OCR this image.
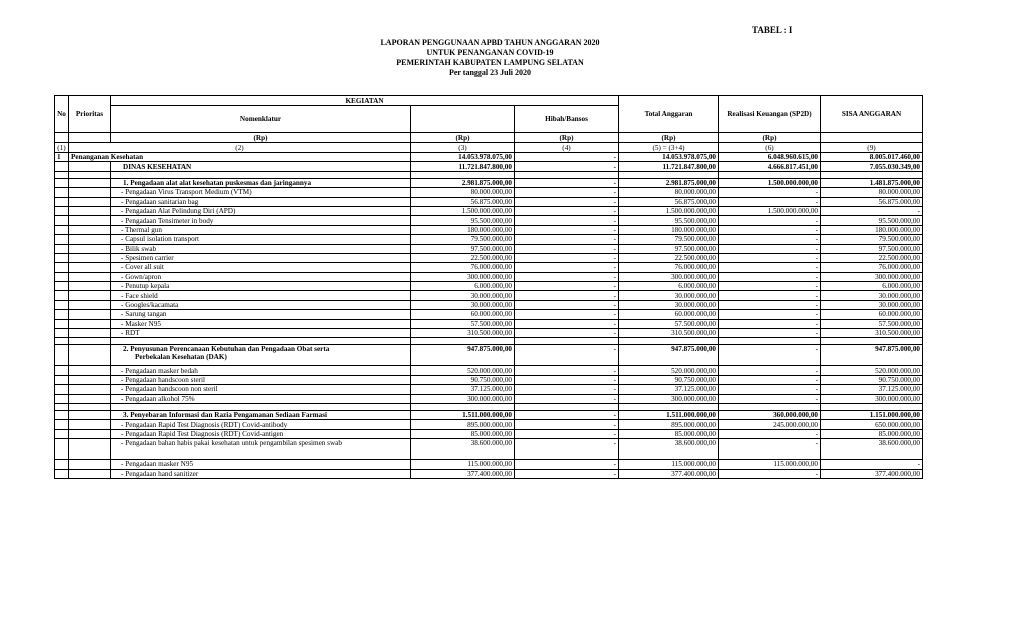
TABEL : I
LAPORAN PENGGUNAAN APBD TAHUN ANGGARAN 2020
UNTUK PENANGANAN COVID-19
PEMERINTAH KABUPATEN LAMPUNG SELATAN
Per tanggal 23 Juli 2020
No	Prioritas	KEGIATAN			Total Anggaran	Realisasi Keuangan (SP2D)	SISA ANGGARAN
		Nomenklatur		Hibah/Bansos			
		(Rp)	(Rp)	(Rp)	(Rp)	(Rp)	
(1)	(2)		(3)	(4)	(5) = (3+4)	(6)	(9)
1	Penanganan Kesehatan		14.053.978.075,00	-	14.053.978.075,00	6.048.960.615,00	8.005.017.460,00
		DINAS KESEHATAN	11.721.847.800,00	-	11.721.847.800,00	4.666.817.451,00	7.055.030.349,00

		1. Pengadaan alat alat kesehatan puskesmas dan jaringannya	2.981.875.000,00	-	2.981.875.000,00	1.500.000.000,00	1.481.875.000,00
		- Pengadaan Virus Transport Medium (VTM)	80.000.000,00	-	80.000.000,00	-	80.000.000,00
		- Pengadaan sanitarian bag	56.875.000,00	-	56.875.000,00	-	56.875.000,00
		- Pengadaan Alat Pelindung Diri (APD)	1.500.000.000,00	-	1.500.000.000,00	1.500.000.000,00	-
		- Pengadaan Tensimeter in body	95.500.000,00	-	95.500.000,00	-	95.500.000,00
		- Thermal gun	180.000.000,00	-	180.000.000,00	-	180.000.000,00
		- Capsul isolation transport	79.500.000,00	-	79.500.000,00	-	79.500.000,00
		- Bilik swab	97.500.000,00	-	97.500.000,00	-	97.500.000,00
		- Spesimen carrier	22.500.000,00	-	22.500.000,00	-	22.500.000,00
		- Cover all suit	76.000.000,00	-	76.000.000,00	-	76.000.000,00
		- Gown/apron	300.000.000,00	-	300.000.000,00	-	300.000.000,00
		- Penutup kepala	6.000.000,00	-	6.000.000,00	-	6.000.000,00
		- Face shield	30.000.000,00	-	30.000.000,00	-	30.000.000,00
		- Googles/kacamata	30.000.000,00	-	30.000.000,00	-	30.000.000,00
		- Sarung tangan	60.000.000,00	-	60.000.000,00	-	60.000.000,00
		- Masker N95	57.500.000,00	-	57.500.000,00	-	57.500.000,00
		- RDT	310.500.000,00	-	310.500.000,00	-	310.500.000,00

		2. Penyusunan Perencanaan Kebutuhan dan Pengadaan Obat serta
Perbekalan Kesehatan (DAK)	947.875.000,00	-	947.875.000,00	-	947.875.000,00
		- Pengadaan masker bedah	520.000.000,00	-	520.000.000,00	-	520.000.000,00
		- Pengadaan handscoon steril	90.750.000,00	-	90.750.000,00	-	90.750.000,00
		- Pengadaan handscoon non steril	37.125.000,00	-	37.125.000,00	-	37.125.000,00
		- Pengadaan alkohol 75%	300.000.000,00	-	300.000.000,00	-	300.000.000,00

		3. Penyebaran Informasi dan Razia Pengamanan Sediaan Farmasi	1.511.000.000,00	-	1.511.000.000,00	360.000.000,00	1.151.000.000,00
		- Pengadaan Rapid Test Diagnosis (RDT) Covid-antibody	895.000.000,00	-	895.000.000,00	245.000.000,00	650.000.000,00
		- Pengadaan Rapid Test Diagnosis (RDT) Covid-antigen	85.000.000,00	-	85.000.000,00	-	85.000.000,00
		- Pengadaan bahan habis pakai kesehatan untuk pengambilan spesimen swab	38.600.000,00	-	38.600.000,00	-	38.600.000,00
		- Pengadaan masker N95	115.000.000,00	-	115.000.000,00	115.000.000,00	-
		- Pengadaan hand sanitizer	377.400.000,00	-	377.400.000,00	-	377.400.000,00
